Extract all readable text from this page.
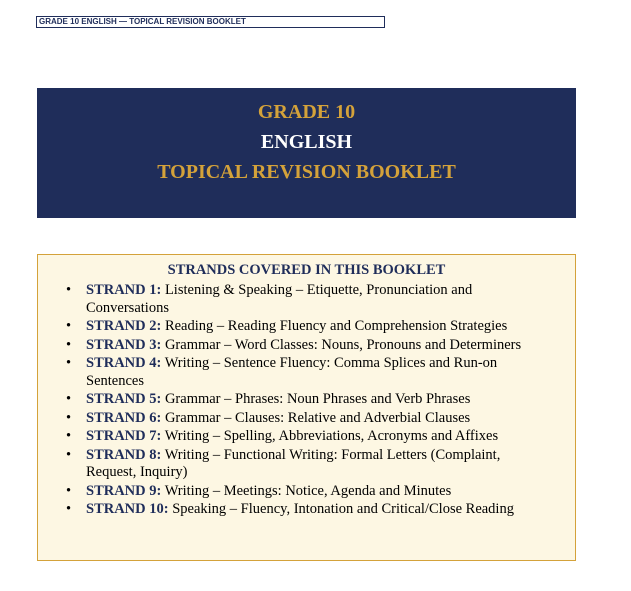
GRADE 10 ENGLISH — TOPICAL REVISION BOOKLET
GRADE 10
ENGLISH
TOPICAL REVISION BOOKLET
STRANDS COVERED IN THIS BOOKLET
• STRAND 1: Listening & Speaking – Etiquette, Pronunciation and Conversations
• STRAND 2: Reading – Reading Fluency and Comprehension Strategies
• STRAND 3: Grammar – Word Classes: Nouns, Pronouns and Determiners
• STRAND 4: Writing – Sentence Fluency: Comma Splices and Run-on Sentences
• STRAND 5: Grammar – Phrases: Noun Phrases and Verb Phrases
• STRAND 6: Grammar – Clauses: Relative and Adverbial Clauses
• STRAND 7: Writing – Spelling, Abbreviations, Acronyms and Affixes
• STRAND 8: Writing – Functional Writing: Formal Letters (Complaint, Request, Inquiry)
• STRAND 9: Writing – Meetings: Notice, Agenda and Minutes
• STRAND 10: Speaking – Fluency, Intonation and Critical/Close Reading
